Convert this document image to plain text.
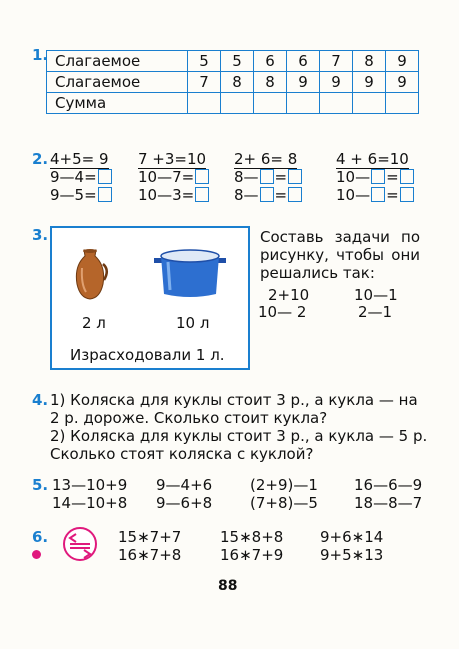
1. Слагаемое	5	5	6	6	7	8	9
Слагаемое	7	8	8	9	9	9	9
Сумма							
2. 4+5= 9
9—4=
9—5=
7 +3=10
10—7=
10—3=
2+ 6= 8
8— =
8— =
4 + 6=10
10— =
10— =
3.
2 л	10 л
Израсходовали 1 л.
Составь задачи по
рисунку, чтобы они
решались так:
2+10
10— 2
10—1
2—1
4. 1) Коляска для куклы стоит 3 р., а кукла — на
2 р. дороже. Сколько стоит кукла?
2) Коляска для куклы стоит 3 р., а кукла — 5 р.
Сколько стоят коляска с куклой?
5. 13—10+9
14—10+8
9—4+6
9—6+8
(2+9)—1
(7+8)—5
16—6—9
18—8—7
6.	15∗7+7
16∗7+8
15∗8+8
16∗7+9
9+6∗14
9+5∗13
88
